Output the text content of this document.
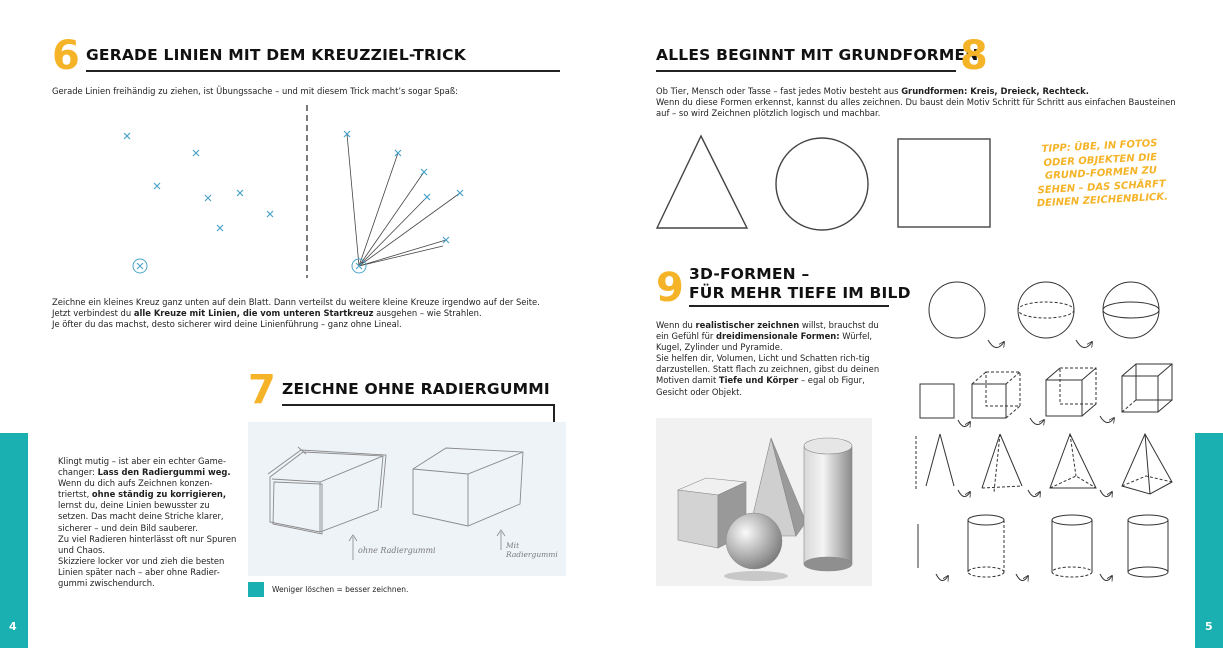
6 GERADE LINIEN MIT DEM KREUZZIEL-TRICK
Gerade Linien freihändig zu ziehen, ist Übungssache – und mit diesem Trick macht’s sogar Spaß:
Zeichne ein kleines Kreuz ganz unten auf dein Blatt. Dann verteilst du weitere kleine Kreuze irgendwo auf der Seite. Jetzt verbindest du alle Kreuze mit Linien, die vom unteren Startkreuz ausgehen – wie Strahlen.
Je öfter du das machst, desto sicherer wird deine Linienführung – ganz ohne Lineal.
7 ZEICHNE OHNE RADIERGUMMI
4
Klingt mutig – ist aber ein echter Game-changer: Lass den Radiergummi weg. Wenn du dich aufs Zeichnen konzen-triertst, ohne ständig zu korrigieren, lernst du, deine Linien bewusster zu setzen. Das macht deine Striche klarer, sicherer – und dein Bild sauberer.
Zu viel Radieren hinterlässt oft nur Spuren und Chaos.
Skizziere locker vor und zieh die besten Linien später nach – aber ohne Radier-gummi zwischendurch.
ohne Radiergummi
Mit Radiergummi
Weniger löschen = besser zeichnen.
ALLES BEGINNT MIT GRUNDFORMEN
8
Ob Tier, Mensch oder Tasse – fast jedes Motiv besteht aus Grundformen: Kreis, Dreieck, Rechteck.
Wenn du diese Formen erkennst, kannst du alles zeichnen. Du baust dein Motiv Schritt für Schritt aus einfachen Bausteinen auf – so wird Zeichnen plötzlich logisch und machbar.
TIPP: ÜBE, IN FOTOS ODER OBJEKTEN DIE GRUND-FORMEN ZU SEHEN – DAS SCHÄRFT DEINEN ZEICHENBLICK.
9 3D-FORMEN –
FÜR MEHR TIEFE IM BILD
Wenn du realistischer zeichnen willst, brauchst du ein Gefühl für dreidimensionale Formen: Würfel, Kugel, Zylinder und Pyramide.
Sie helfen dir, Volumen, Licht und Schatten rich-tig darzustellen. Statt flach zu zeichnen, gibst du deinen Motiven damit Tiefe und Körper – egal ob Figur, Gesicht oder Objekt.
5
